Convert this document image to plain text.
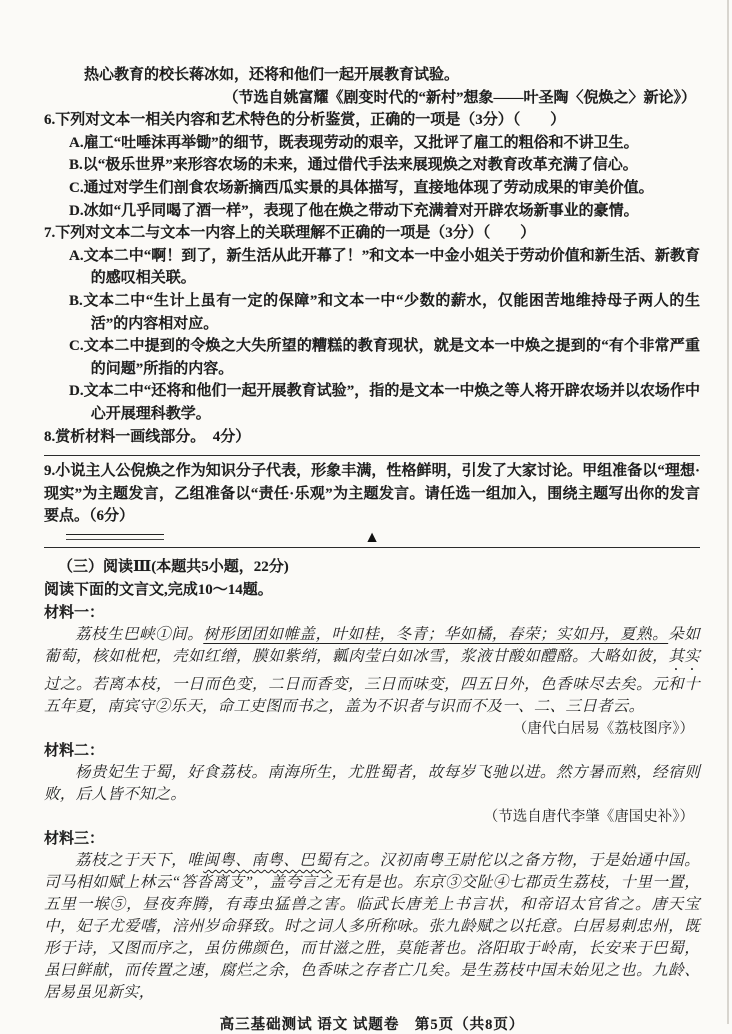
热心教育的校长蒋冰如，还将和他们一起开展教育试验。
（节选自姚富耀《剧变时代的“新村”想象——叶圣陶〈倪焕之〉新论》）
6.下列对文本一相关内容和艺术特色的分析鉴赏，正确的一项是（3分）（　　）
A.雇工“吐唾沫再举锄”的细节，既表现劳动的艰辛，又批评了雇工的粗俗和不讲卫生。
B.以“极乐世界”来形容农场的未来，通过借代手法来展现焕之对教育改革充满了信心。
C.通过对学生们剖食农场新摘西瓜实景的具体描写，直接地体现了劳动成果的审美价值。
D.冰如“几乎同喝了酒一样”，表现了他在焕之带动下充满着对开辟农场新事业的豪情。
7.下列对文本二与文本一内容上的关联理解不正确的一项是（3分）（　　）
A.文本二中“啊！到了，新生活从此开幕了！”和文本一中金小姐关于劳动价值和新生活、新教育的感叹相关联。
B.文本二中“生计上虽有一定的保障”和文本一中“少数的薪水，仅能困苦地维持母子两人的生活”的内容相对应。
C.文本二中提到的令焕之大失所望的糟糕的教育现状，就是文本一中焕之提到的“有个非常严重的问题”所指的内容。
D.文本二中“还将和他们一起开展教育试验”，指的是文本一中焕之等人将开辟农场并以农场作中心开展理科教学。
8.赏析材料一画线部分。　4分）
9.小说主人公倪焕之作为知识分子代表，形象丰满，性格鲜明，引发了大家讨论。甲组准备以“理想·现实”为主题发言，乙组准备以“责任·乐观”为主题发言。请任选一组加入，围绕主题写出你的发言要点。（6分）
▲
（三）阅读Ⅲ(本题共5小题，22分)
阅读下面的文言文,完成10～14题。
材料一：

荔枝生巴峡①间。树形团团如帷盖，叶如桂，冬青；华如橘，春荣；实如丹，夏熟。朵如葡萄，核如枇杷，壳如红缯，膜如紫绡，瓤肉莹白如冰雪，浆液甘酸如醴酪。大略如彼，其实过之。若离本枝，一日而色变，二日而香变，三日而味变，四五日外，色香味尽去矣。元和十五年夏，南宾守②乐天，命工吏图而书之，盖为不识者与识而不及一、二、三日者云。

（唐代白居易《荔枝图序》）
材料二：

杨贵妃生于蜀，好食荔枝。南海所生，尤胜蜀者，故每岁飞驰以进。然方暑而熟，经宿则败，后人皆不知之。

（节选自唐代李肇《唐国史补》）
材料三：

荔枝之于天下，唯闽粤、南粤、巴蜀有之。汉初南粤王尉佗以之备方物，于是始通中国。司马相如赋上林云“答沓离支”，盖夸言之无有是也。东京③交阯④七郡贡生荔枝，十里一置，五里一堠⑤，昼夜奔腾，有毒虫猛兽之害。临武长唐羌上书言状，和帝诏太官省之。唐天宝中，妃子尤爱嗜，涪州岁命驿致。时之词人多所称咏。张九龄赋之以托意。白居易刺忠州，既形于诗，又图而序之，虽仿佛颜色，而甘滋之胜，莫能著也。洛阳取于岭南，长安来于巴蜀，虽曰鲜献，而传置之速，腐烂之余，色香味之存者亡几矣。是生荔枝中国未始见之也。九龄、居易虽见新实，

高三基础测试 语文 试题卷　第5页（共8页）
